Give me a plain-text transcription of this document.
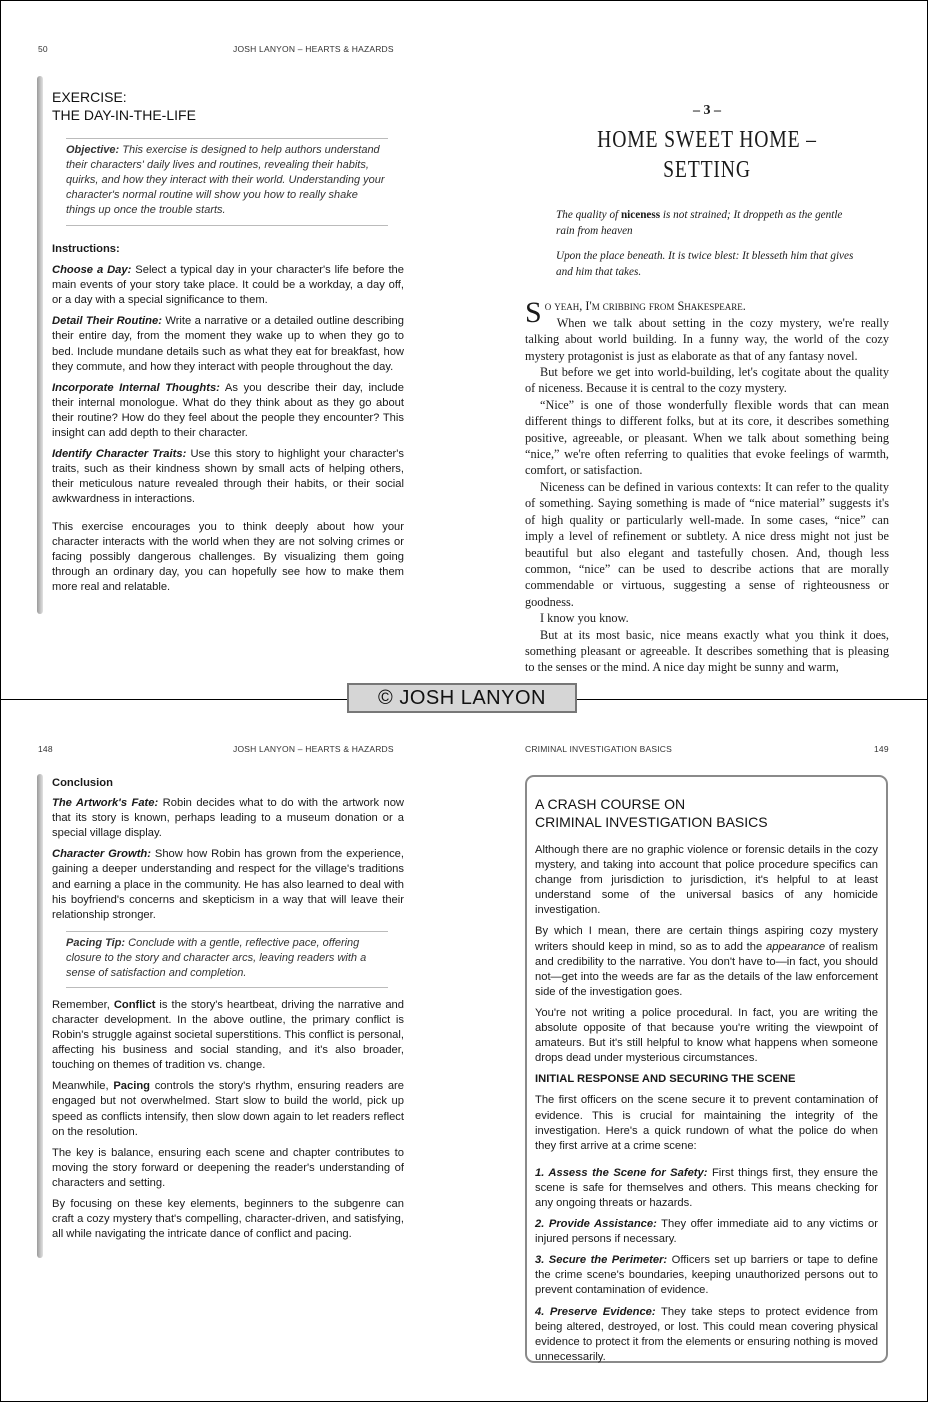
50	JOSH LANYON – HEARTS & HAZARDS
EXERCISE:
THE DAY-IN-THE-LIFE
Objective: This exercise is designed to help authors understand their characters' daily lives and routines, revealing their habits, quirks, and how they interact with their world. Understanding your character's normal routine will show you how to really shake things up once the trouble starts.

Instructions:

Choose a Day: Select a typical day in your character's life before the main events of your story take place. It could be a workday, a day off, or a day with a special significance to them.

Detail Their Routine: Write a narrative or a detailed outline describing their entire day, from the moment they wake up to when they go to bed. Include mundane details such as what they eat for breakfast, how they commute, and how they interact with people throughout the day.

Incorporate Internal Thoughts: As you describe their day, include their internal monologue. What do they think about as they go about their routine? How do they feel about the people they encounter? This insight can add depth to their character.

Identify Character Traits: Use this story to highlight your character's traits, such as their kindness shown by small acts of helping others, their meticulous nature revealed through their habits, or their social awkwardness in interactions.

This exercise encourages you to think deeply about how your character interacts with the world when they are not solving crimes or facing possibly dangerous challenges. By visualizing them going through an ordinary day, you can hopefully see how to make them more real and relatable.

– 3 –
HOME SWEET HOME – SETTING
The quality of niceness is not strained; It droppeth as the gentle rain from heaven
Upon the place beneath. It is twice blest: It blesseth him that gives and him that takes.
S o yeah, I'm cribbing from Shakespeare.
When we talk about setting in the cozy mystery, we're really talking about world building. In a funny way, the world of the cozy mystery protagonist is just as elaborate as that of any fantasy novel.

But before we get into world-building, let's cogitate about the quality of niceness. Because it is central to the cozy mystery.

“Nice” is one of those wonderfully flexible words that can mean different things to different folks, but at its core, it describes something positive, agreeable, or pleasant. When we talk about something being “nice,” we're often referring to qualities that evoke feelings of warmth, comfort, or satisfaction.

Niceness can be defined in various contexts: It can refer to the quality of something. Saying something is made of “nice material” suggests it's of high quality or particularly well-made. In some cases, “nice” can imply a level of refinement or subtlety. A nice dress might not just be beautiful but also elegant and tastefully chosen. And, though less common, “nice” can be used to describe actions that are morally commendable or virtuous, suggesting a sense of righteousness or goodness.

I know you know.

But at its most basic, nice means exactly what you think it does, something pleasant or agreeable. It describes something that is pleasing to the senses or the mind. A nice day might be sunny and warm,

© JOSH LANYON
148	JOSH LANYON – HEARTS & HAZARDS

Conclusion

The Artwork's Fate: Robin decides what to do with the artwork now that its story is known, perhaps leading to a museum donation or a special village display.

Character Growth: Show how Robin has grown from the experience, gaining a deeper understanding and respect for the village's traditions and earning a place in the community. He has also learned to deal with his boyfriend's concerns and skepticism in a way that will leave their relationship stronger.

Pacing Tip: Conclude with a gentle, reflective pace, offering closure to the story and character arcs, leaving readers with a sense of satisfaction and completion.

Remember, Conflict is the story's heartbeat, driving the narrative and character development. In the above outline, the primary conflict is Robin's struggle against societal superstitions. This conflict is personal, affecting his business and social standing, and it's also broader, touching on themes of tradition vs. change.

Meanwhile, Pacing controls the story's rhythm, ensuring readers are engaged but not overwhelmed. Start slow to build the world, pick up speed as conflicts intensify, then slow down again to let readers reflect on the resolution.

The key is balance, ensuring each scene and chapter contributes to moving the story forward or deepening the reader's understanding of characters and setting.

By focusing on these key elements, beginners to the subgenre can craft a cozy mystery that's compelling, character-driven, and satisfying, all while navigating the intricate dance of conflict and pacing.

CRIMINAL INVESTIGATION BASICS	149
A CRASH COURSE ON
CRIMINAL INVESTIGATION BASICS

Although there are no graphic violence or forensic details in the cozy mystery, and taking into account that police procedure specifics can change from jurisdiction to jurisdiction, it's helpful to at least understand some of the universal basics of any homicide investigation.

By which I mean, there are certain things aspiring cozy mystery writers should keep in mind, so as to add the appearance of realism and credibility to the narrative. You don't have to—in fact, you should not—get into the weeds are far as the details of the law enforcement side of the investigation goes.

You're not writing a police procedural. In fact, you are writing the absolute opposite of that because you're writing the viewpoint of amateurs. But it's still helpful to know what happens when someone drops dead under mysterious circumstances.

INITIAL RESPONSE AND SECURING THE SCENE

The first officers on the scene secure it to prevent contamination of evidence. This is crucial for maintaining the integrity of the investigation. Here's a quick rundown of what the police do when they first arrive at a crime scene:

1. Assess the Scene for Safety: First things first, they ensure the scene is safe for themselves and others. This means checking for any ongoing threats or hazards.

2. Provide Assistance: They offer immediate aid to any victims or injured persons if necessary.

3. Secure the Perimeter: Officers set up barriers or tape to define the crime scene's boundaries, keeping unauthorized persons out to prevent contamination of evidence.

4. Preserve Evidence: They take steps to protect evidence from being altered, destroyed, or lost. This could mean covering physical evidence to protect it from the elements or ensuring nothing is moved unnecessarily.
